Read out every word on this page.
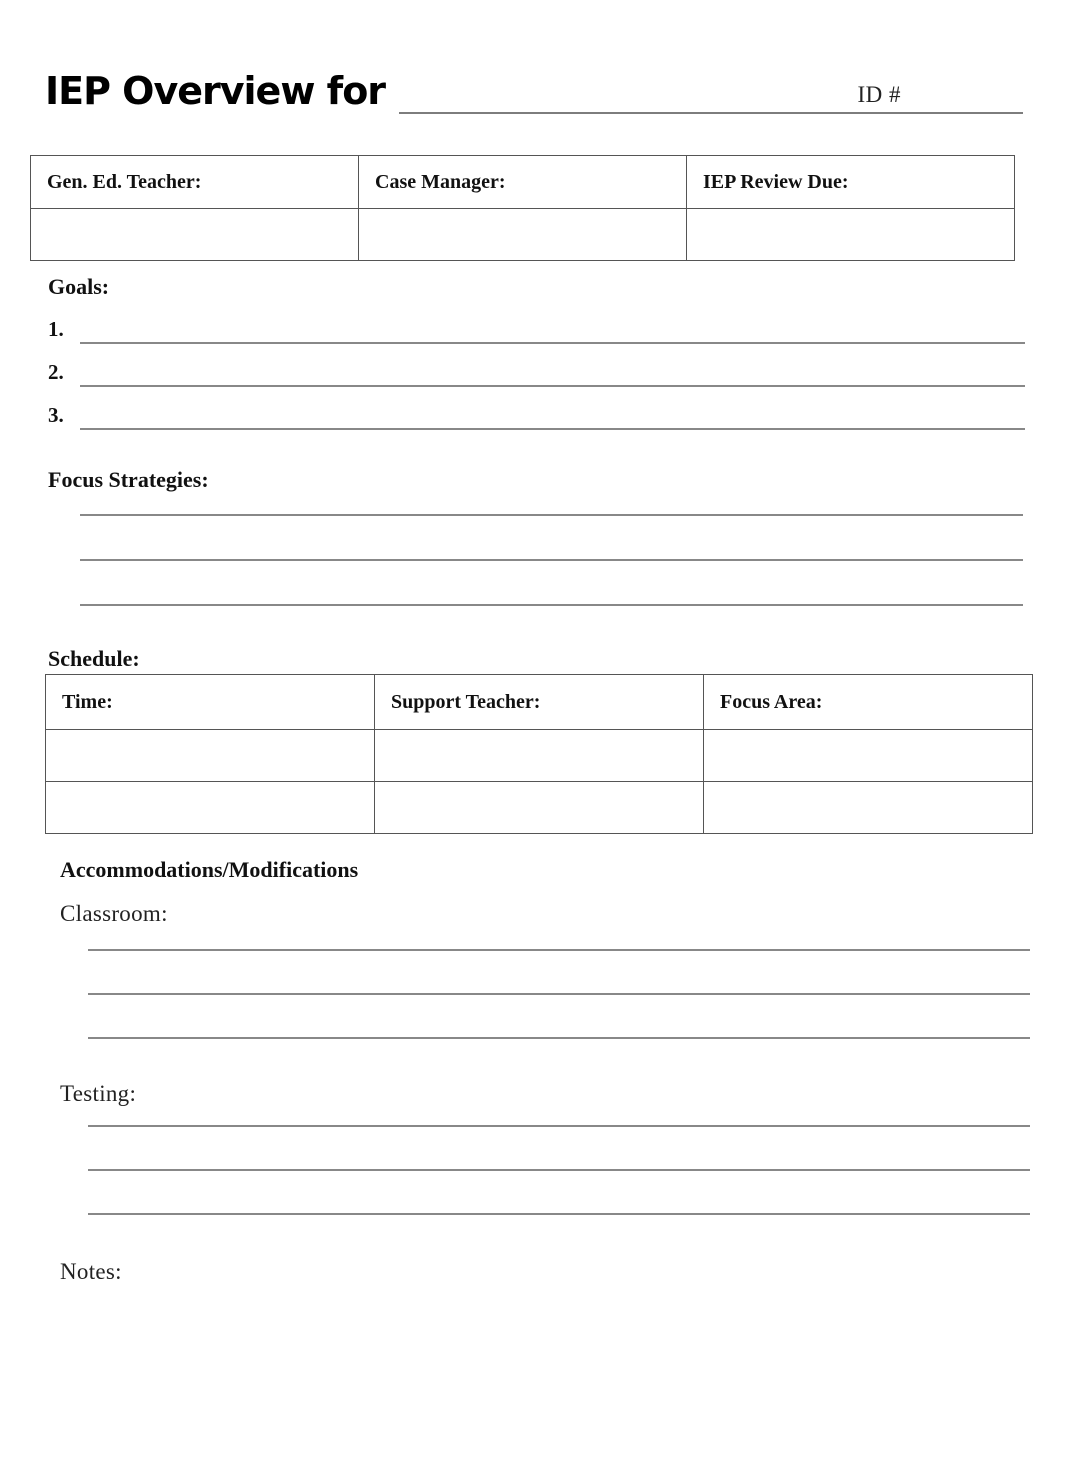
IEP Overview for	ID #
Gen. Ed. Teacher:	Case Manager:	IEP Review Due:

Goals:
1.
2.
3.
Focus Strategies:
Schedule:
Time:	Support Teacher:	Focus Area:

Accommodations/Modifications
Classroom:
Testing:
Notes:
